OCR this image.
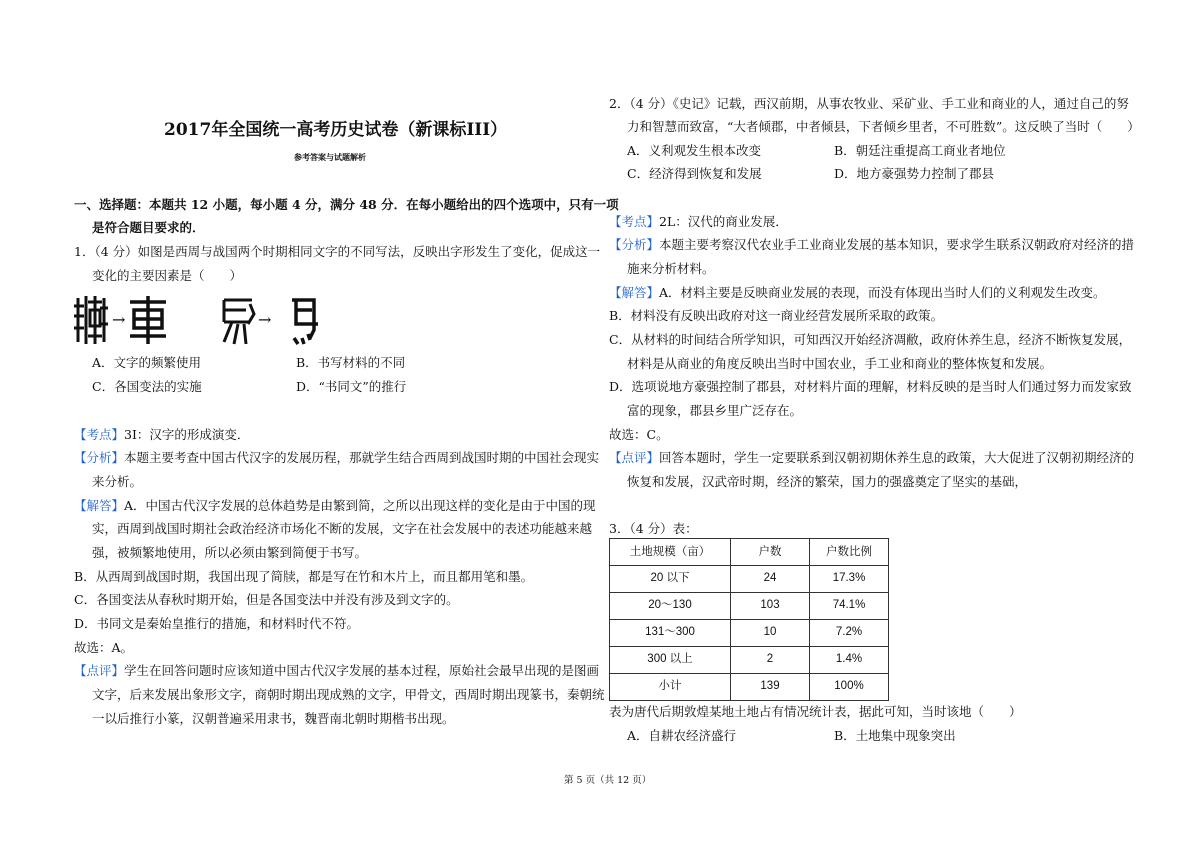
2017年全国统一高考历史试卷（新课标III）
参考答案与试题解析
一、选择题：本题共 12 小题，每小题 4 分，满分 48 分．在每小题给出的四个选项中，只有一项
是符合题目要求的．
1．（4 分）如图是西周与战国两个时期相同文字的不同写法，反映出字形发生了变化，促成这一
变化的主要因素是（　　）
→	→
A．文字的频繁使用	B．书写材料的不同
C．各国变法的实施	D．“书同文”的推行
【考点】3I：汉字的形成演变．
【分析】本题主要考查中国古代汉字的发展历程，那就学生结合西周到战国时期的中国社会现实
来分析。
【解答】A．中国古代汉字发展的总体趋势是由繁到简，之所以出现这样的变化是由于中国的现
实，西周到战国时期社会政治经济市场化不断的发展，文字在社会发展中的表述功能越来越
强，被频繁地使用，所以必须由繁到简便于书写。
B．从西周到战国时期，我国出现了简牍，都是写在竹和木片上，而且都用笔和墨。
C．各国变法从春秋时期开始，但是各国变法中并没有涉及到文字的。
D．书同文是秦始皇推行的措施，和材料时代不符。
故选：A。
【点评】学生在回答问题时应该知道中国古代汉字发展的基本过程，原始社会最早出现的是图画
文字，后来发展出象形文字，商朝时期出现成熟的文字，甲骨文，西周时期出现篆书，秦朝统
一以后推行小篆，汉朝普遍采用隶书，魏晋南北朝时期楷书出现。
2．（4 分）《史记》记载，西汉前期，从事农牧业、采矿业、手工业和商业的人，通过自己的努
力和智慧而致富，“大者倾郡，中者倾县，下者倾乡里者，不可胜数”。这反映了当时（　　）
A．义利观发生根本改变	B．朝廷注重提高工商业者地位
C．经济得到恢复和发展	D．地方豪强势力控制了郡县
【考点】2L：汉代的商业发展．
【分析】本题主要考察汉代农业手工业商业发展的基本知识，要求学生联系汉朝政府对经济的措
施来分析材料。
【解答】A．材料主要是反映商业发展的表现，而没有体现出当时人们的义利观发生改变。
B．材料没有反映出政府对这一商业经营发展所采取的政策。
C．从材料的时间结合所学知识，可知西汉开始经济凋敝，政府休养生息，经济不断恢复发展，
材料是从商业的角度反映出当时中国农业，手工业和商业的整体恢复和发展。
D．选项说地方豪强控制了郡县，对材料片面的理解，材料反映的是当时人们通过努力而发家致
富的现象，郡县乡里广泛存在。
故选：C。
【点评】回答本题时，学生一定要联系到汉朝初期休养生息的政策，大大促进了汉朝初期经济的
恢复和发展，汉武帝时期，经济的繁荣，国力的强盛奠定了坚实的基础，
3．（4 分）表：
土地规模（亩）	户数	户数比例
20 以下	24	17.3%
20～130	103	74.1%
131～300	10	7.2%
300 以上	2	1.4%
小计	139	100%
表为唐代后期敦煌某地土地占有情况统计表，据此可知，当时该地（　　）
A．自耕农经济盛行	B．土地集中现象突出
第 5 页（共 12 页）
